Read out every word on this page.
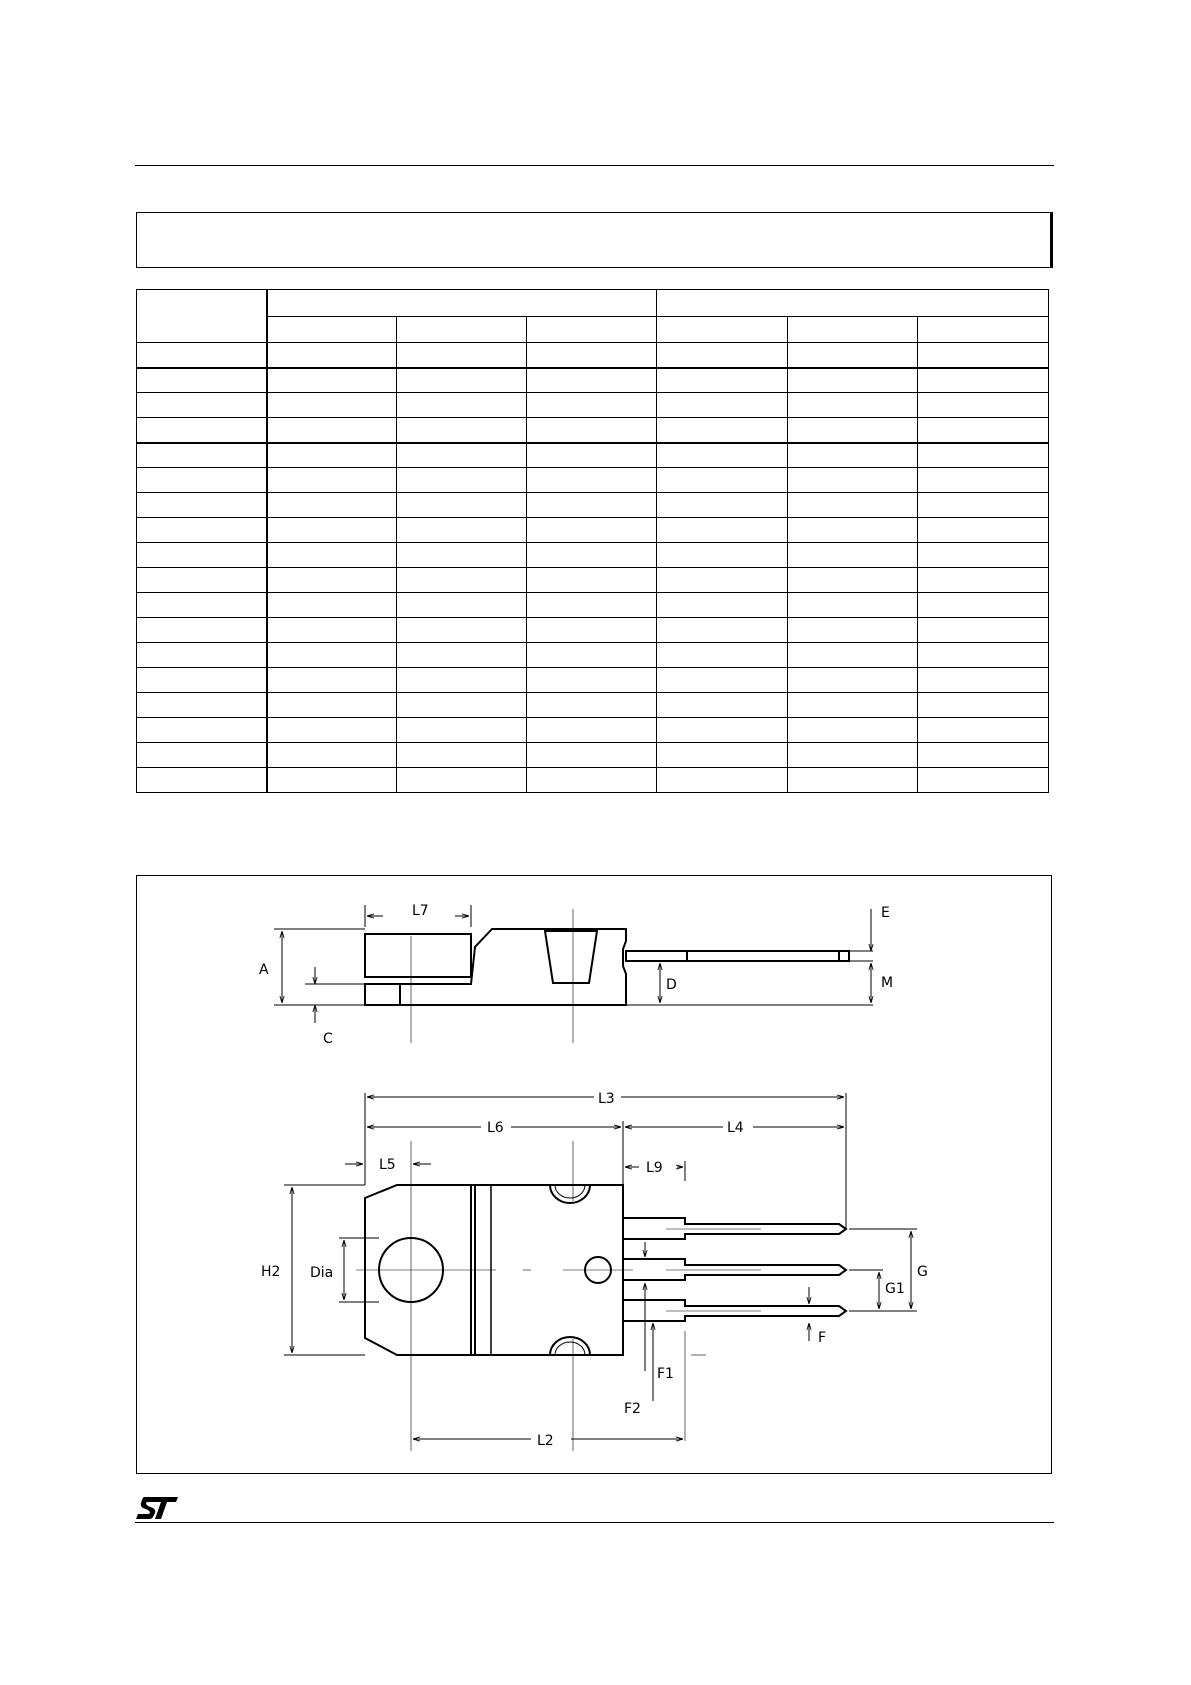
L7	E
A
D	M
C
L3
L6	L4
L5	L9
H2 Dia	G
G1
F
F1
F2
L2
